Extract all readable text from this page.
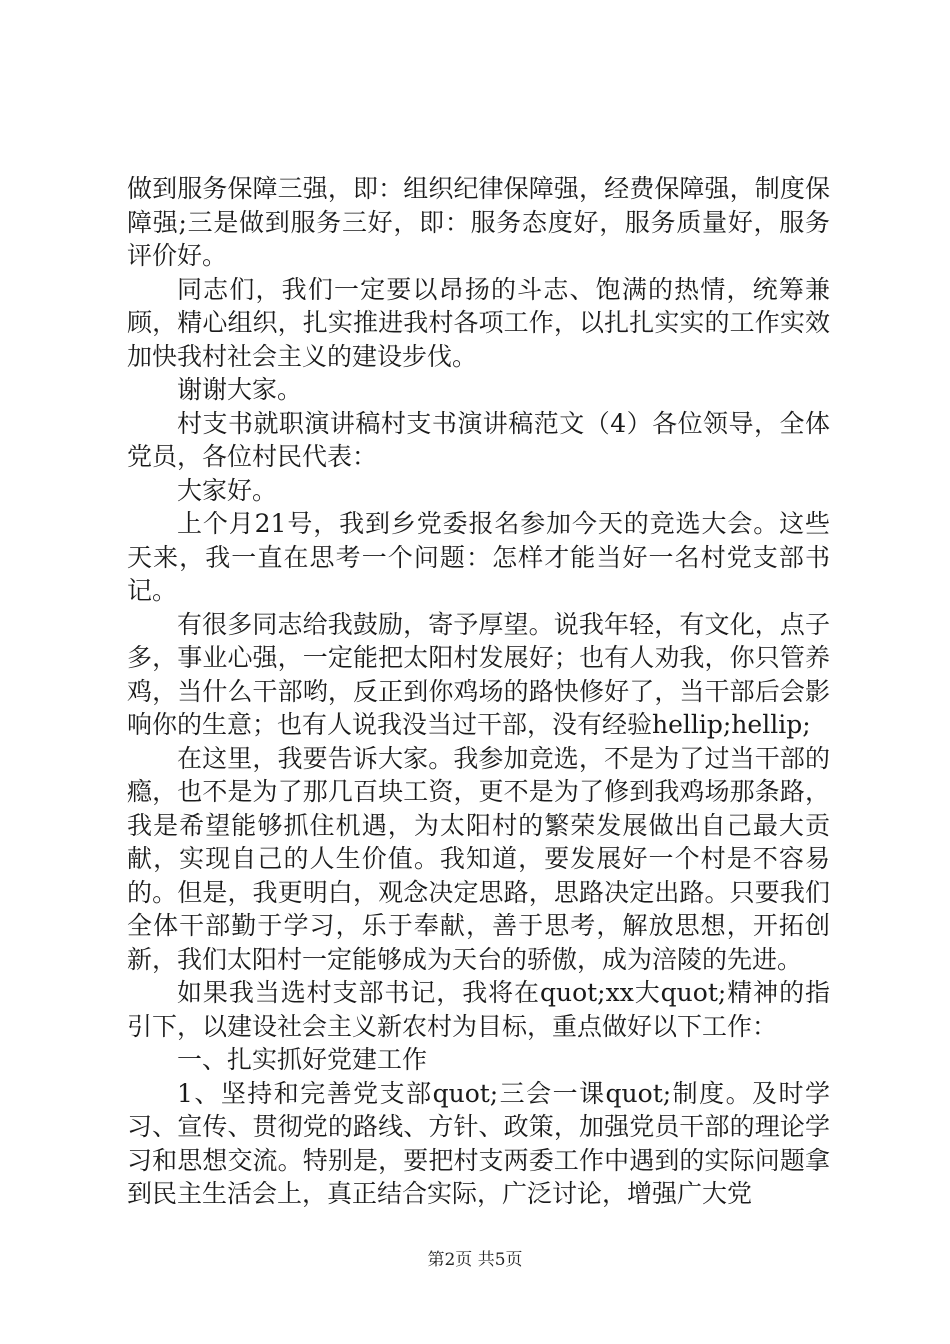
做到服务保障三强，即：组织纪律保障强，经费保障强，制度保障强;三是做到服务三好，即：服务态度好，服务质量好，服务评价好。

同志们，我们一定要以昂扬的斗志、饱满的热情，统筹兼顾，精心组织，扎实推进我村各项工作，以扎扎实实的工作实效加快我村社会主义的建设步伐。

谢谢大家。

村支书就职演讲稿村支书演讲稿范文（4）各位领导，全体党员，各位村民代表：

大家好。

上个月21号，我到乡党委报名参加今天的竞选大会。这些天来，我一直在思考一个问题：怎样才能当好一名村党支部书记。

有很多同志给我鼓励，寄予厚望。说我年轻，有文化，点子多，事业心强，一定能把太阳村发展好；也有人劝我，你只管养鸡，当什么干部哟，反正到你鸡场的路快修好了，当干部后会影响你的生意；也有人说我没当过干部，没有经验hellip;hellip;

在这里，我要告诉大家。我参加竞选，不是为了过当干部的瘾，也不是为了那几百块工资，更不是为了修到我鸡场那条路，我是希望能够抓住机遇，为太阳村的繁荣发展做出自己最大贡献，实现自己的人生价值。我知道，要发展好一个村是不容易的。但是，我更明白，观念决定思路，思路决定出路。只要我们全体干部勤于学习，乐于奉献，善于思考，解放思想，开拓创新，我们太阳村一定能够成为天台的骄傲，成为涪陵的先进。

如果我当选村支部书记，我将在quot;xx大quot;精神的指引下，以建设社会主义新农村为目标，重点做好以下工作：

一、扎实抓好党建工作

1、坚持和完善党支部quot;三会一课quot;制度。及时学习、宣传、贯彻党的路线、方针、政策，加强党员干部的理论学习和思想交流。特别是，要把村支两委工作中遇到的实际问题拿到民主生活会上，真正结合实际，广泛讨论，增强广大党

第2页 共5页
